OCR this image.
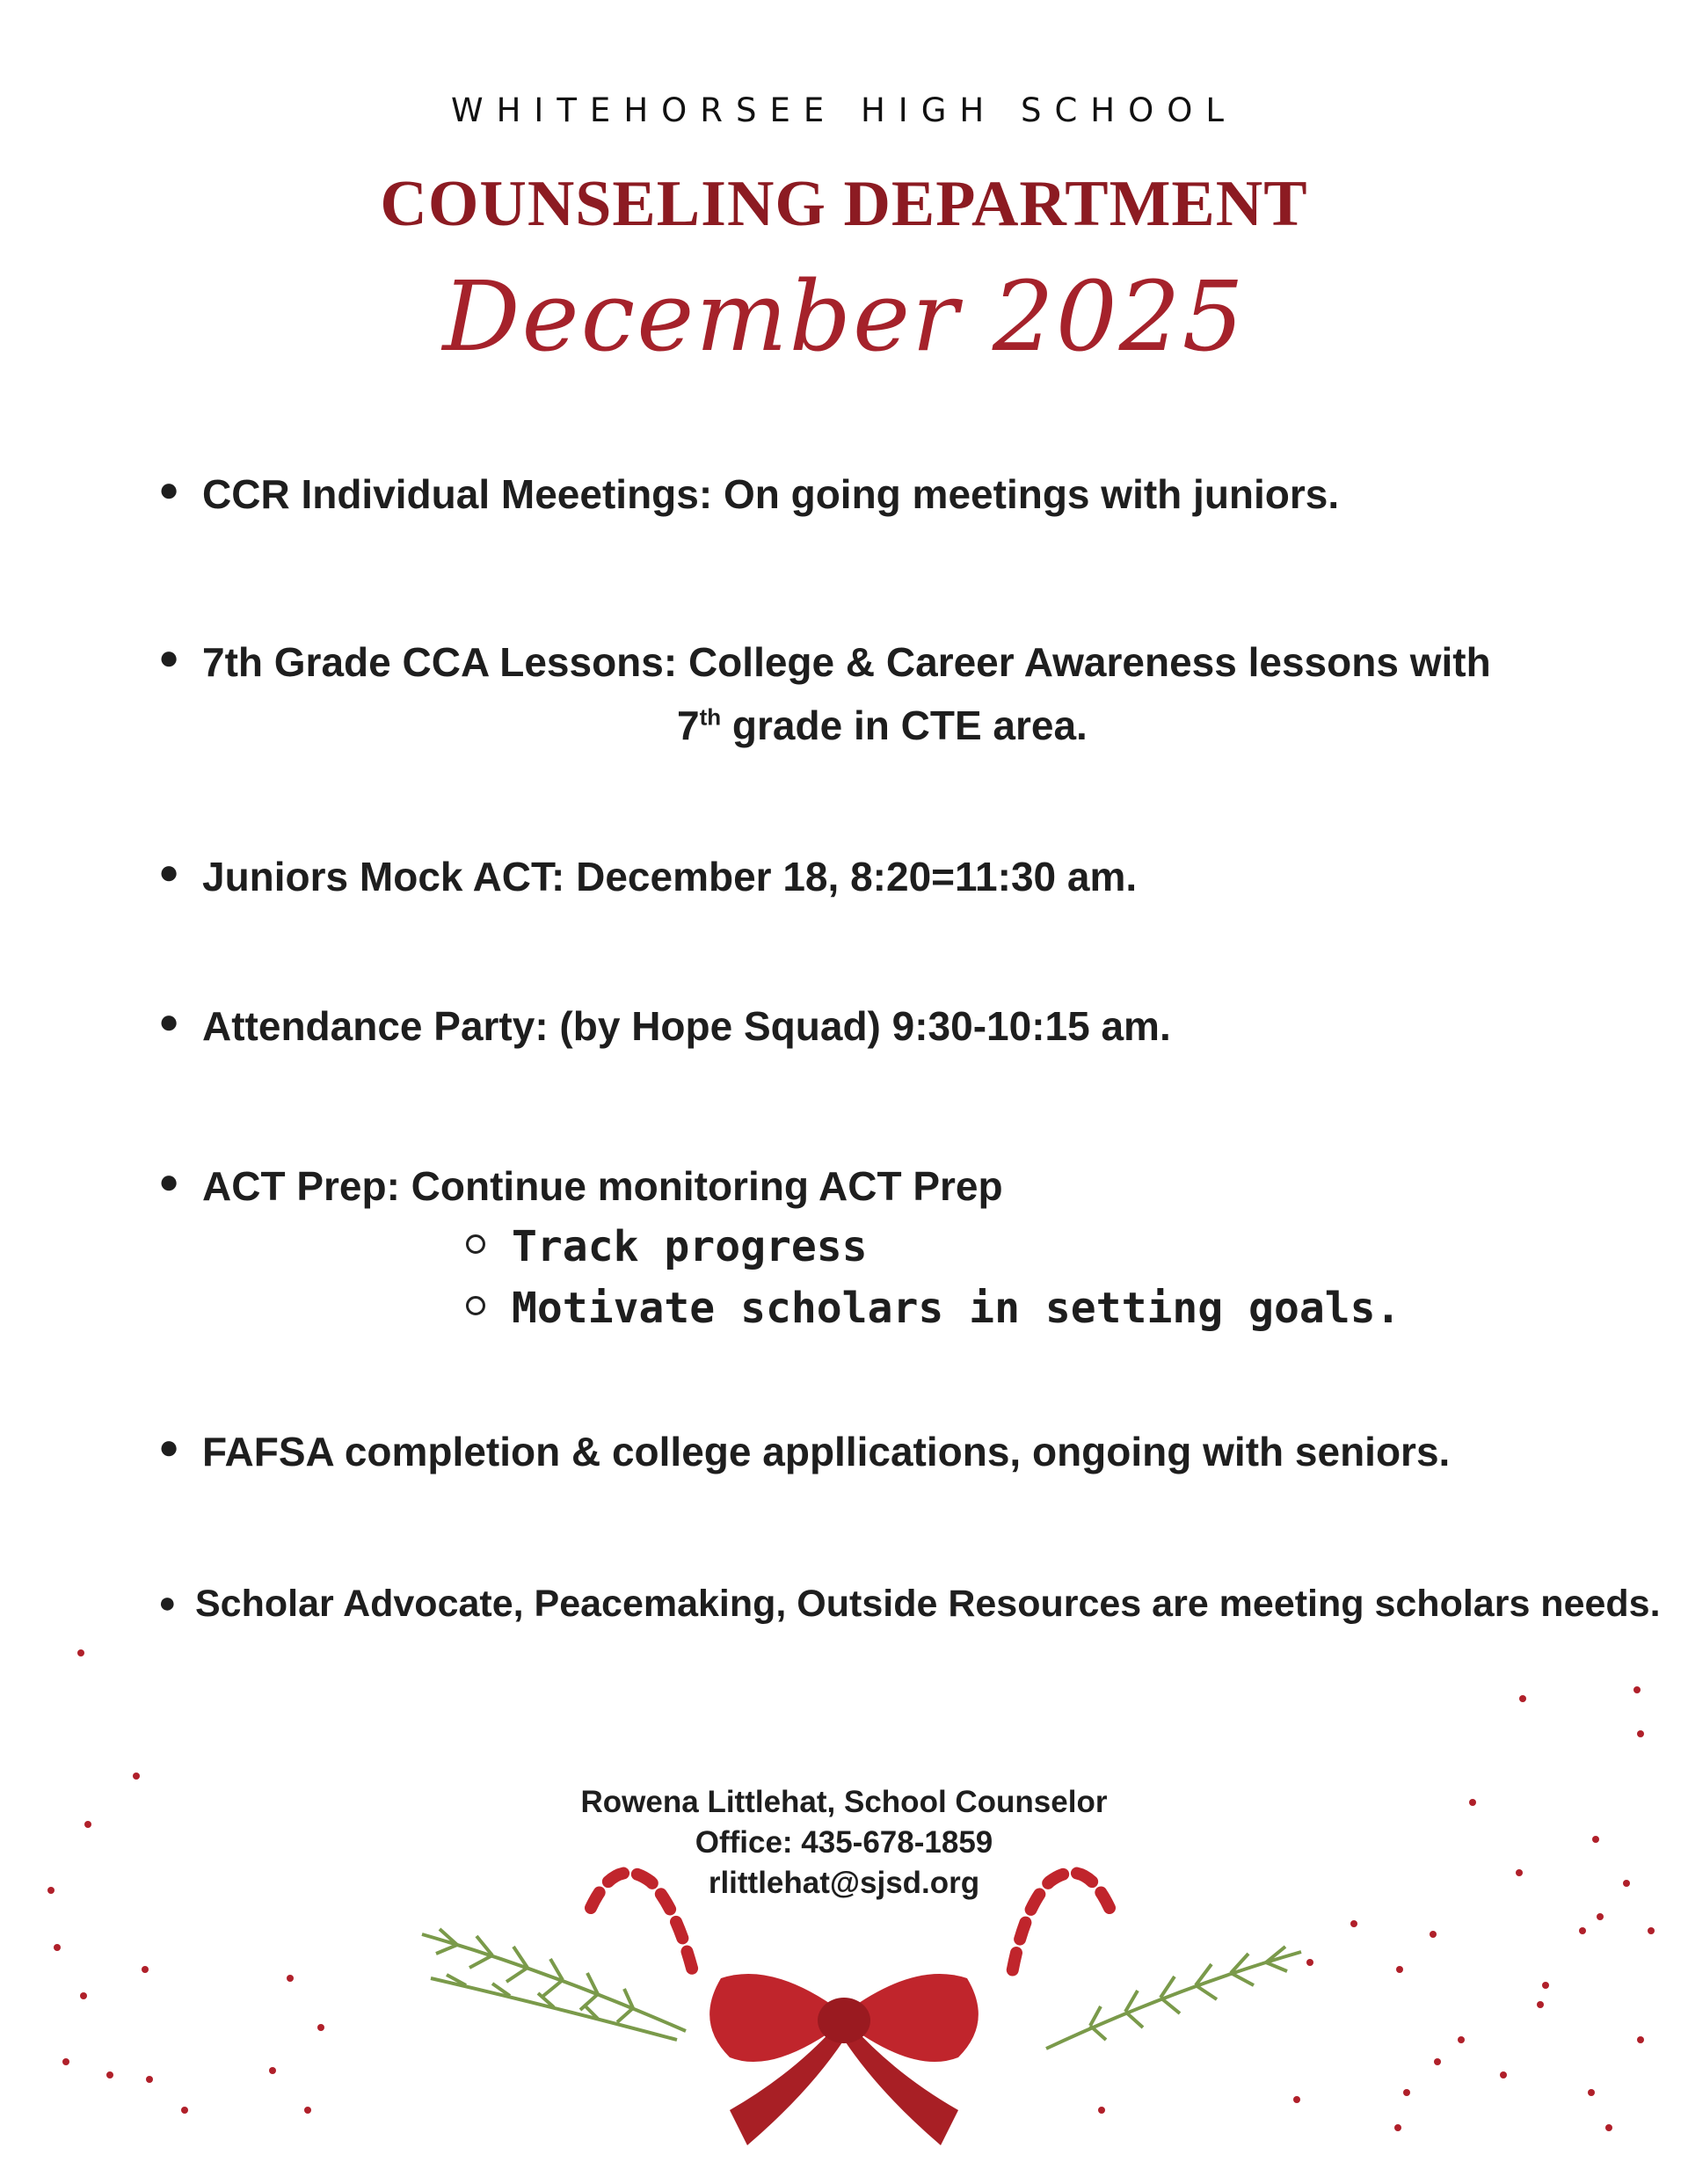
WHITEHORSEE HIGH SCHOOL
COUNSELING DEPARTMENT
December 2025
● CCR Individual Meeetings: On going meetings with juniors.
● 7th Grade CCA Lessons: College & Career Awareness lessons with
7th grade in CTE area.
● Juniors Mock ACT: December 18, 8:20=11:30 am.
● Attendance Party: (by Hope Squad) 9:30-10:15 am.
● ACT Prep: Continue monitoring ACT Prep
Track progress
Motivate scholars in setting goals.
● FAFSA completion & college appllications, ongoing with seniors.
● Scholar Advocate, Peacemaking, Outside Resources are meeting scholars needs.
Rowena Littlehat, School Counselor
Office: 435-678-1859
rlittlehat@sjsd.org
